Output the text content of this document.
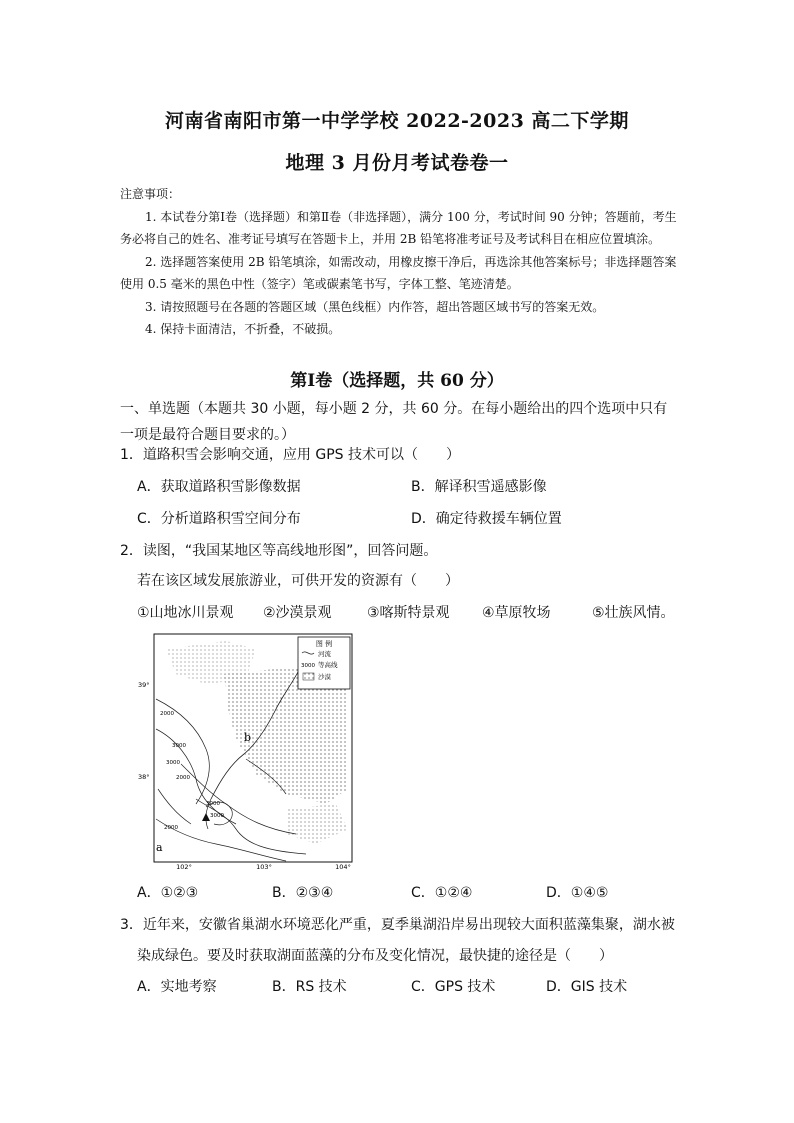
河南省南阳市第一中学学校 2022-2023 高二下学期
地理 3 月份月考试卷卷一

注意事项：

1. 本试卷分第Ⅰ卷（选择题）和第Ⅱ卷（非选择题），满分 100 分，考试时间 90 分钟；答题前，考生务必将自己的姓名、准考证号填写在答题卡上，并用 2B 铅笔将准考证号及考试科目在相应位置填涂。

2. 选择题答案使用 2B 铅笔填涂，如需改动，用橡皮擦干净后，再选涂其他答案标号；非选择题答案使用 0.5 毫米的黑色中性（签字）笔或碳素笔书写，字体工整、笔迹清楚。

3. 请按照题号在各题的答题区域（黑色线框）内作答，超出答题区域书写的答案无效。

4. 保持卡面清洁，不折叠，不破损。

第Ⅰ卷（选择题，共 60 分）

一、单选题（本题共 30 小题，每小题 2 分，共 60 分。在每小题给出的四个选项中只有一项是最符合题目要求的。）

1．道路积雪会影响交通，应用 GPS 技术可以（　　）
A．获取道路积雪影像数据	B．解译积雪遥感影像
C．分析道路积雪空间分布	D．确定待救援车辆位置
2．读图，“我国某地区等高线地形图”，回答问题。
若在该区域发展旅游业，可供开发的资源有（　　）
①山地冰川景观 ②沙漠景观	③喀斯特景观 ④草原牧场	⑤壮族风情。
图 例
河流
3000 等高线
沙漠
2000
3000
3000
2000
3000
3000
2000
b
a
39°
38°
102°	103°	104°
A．①②③	B．②③④	C．①②④	D．①④⑤
3．近年来，安徽省巢湖水环境恶化严重，夏季巢湖沿岸易出现较大面积蓝藻集聚，湖水被
染成绿色。要及时获取湖面蓝藻的分布及变化情况，最快捷的途径是（　　）
A．实地考察	B．RS 技术	C．GPS 技术	D．GIS 技术
